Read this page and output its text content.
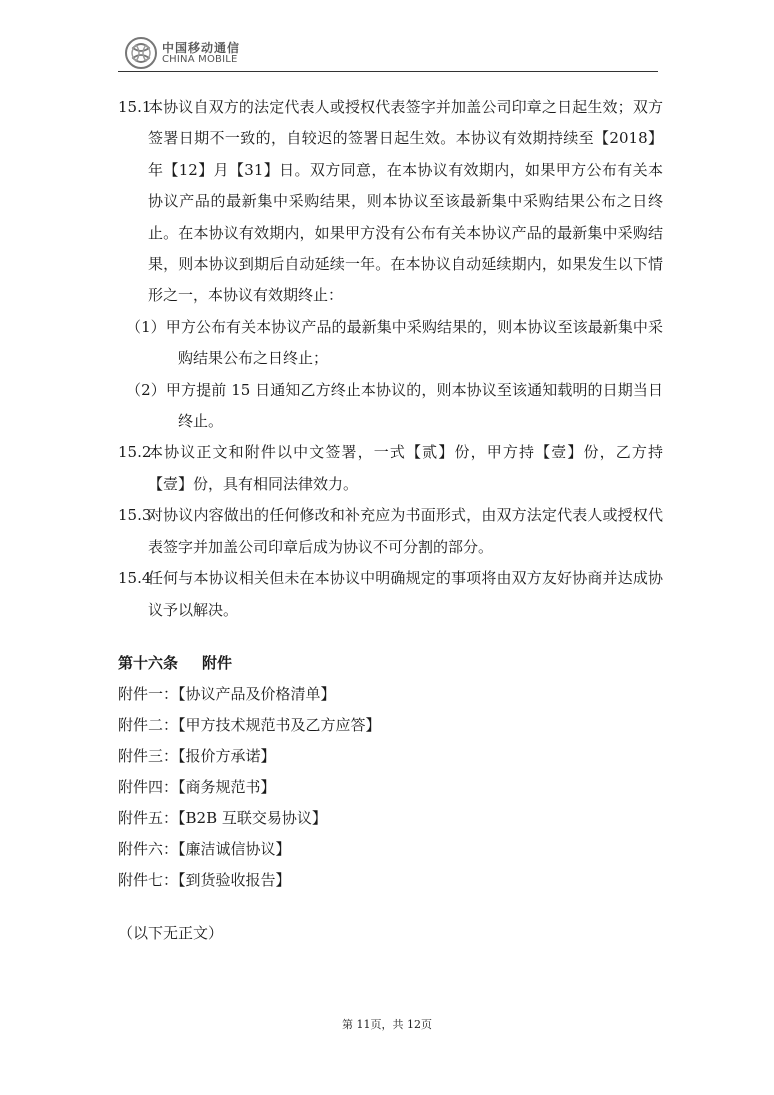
中国移动通信
CHINA MOBILE
15.1
本协议自双方的法定代表人或授权代表签字并加盖公司印章之日起生效；双方签署日期不一致的，自较迟的签署日起生效。本协议有效期持续至【2018】年【12】月【31】日。双方同意，在本协议有效期内，如果甲方公布有关本协议产品的最新集中采购结果，则本协议至该最新集中采购结果公布之日终止。在本协议有效期内，如果甲方没有公布有关本协议产品的最新集中采购结果，则本协议到期后自动延续一年。在本协议自动延续期内，如果发生以下情形之一，本协议有效期终止：
（1）甲方公布有关本协议产品的最新集中采购结果的，则本协议至该最新集中采购结果公布之日终止；
（2）甲方提前 15 日通知乙方终止本协议的，则本协议至该通知载明的日期当日终止。
15.2
本协议正文和附件以中文签署，一式【贰】份，甲方持【壹】份，乙方持【壹】份，具有相同法律效力。
15.3
对协议内容做出的任何修改和补充应为书面形式，由双方法定代表人或授权代表签字并加盖公司印章后成为协议不可分割的部分。
15.4
任何与本协议相关但未在本协议中明确规定的事项将由双方友好协商并达成协议予以解决。
第十六条 附件
附件一：【协议产品及价格清单】
附件二：【甲方技术规范书及乙方应答】
附件三：【报价方承诺】
附件四：【商务规范书】
附件五：【B2B 互联交易协议】
附件六：【廉洁诚信协议】
附件七：【到货验收报告】
（以下无正文）
第 11页，共 12页
